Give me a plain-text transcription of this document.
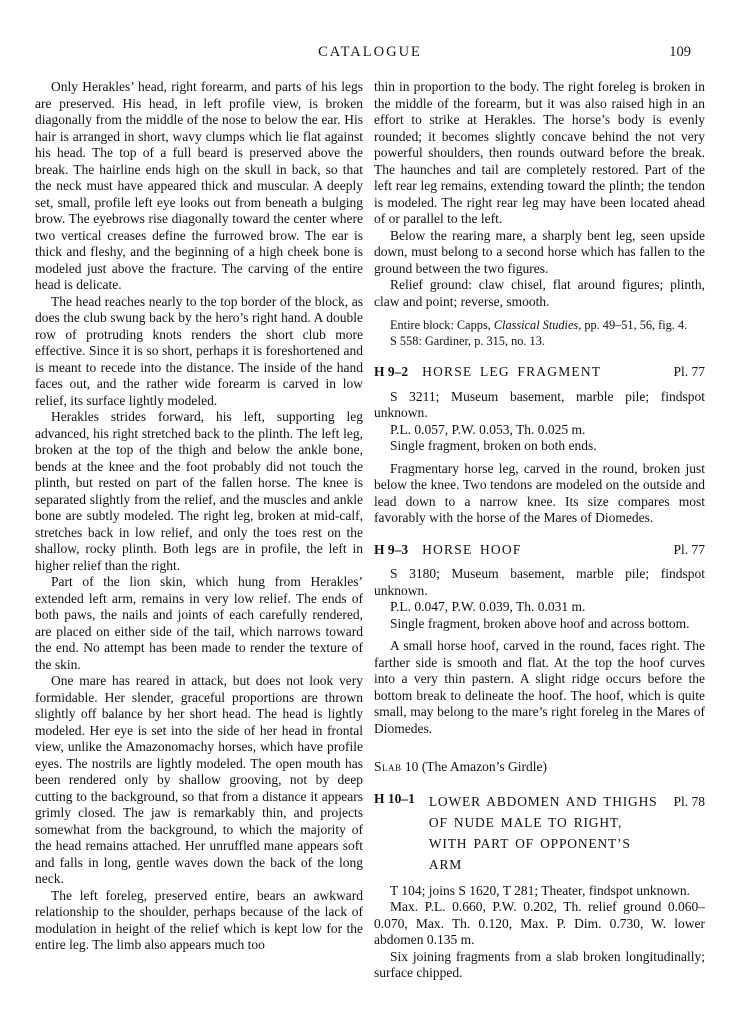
CATALOGUE	109

Only Herakles’ head, right forearm, and parts of his legs are preserved. His head, in left profile view, is broken diagonally from the middle of the nose to below the ear. His hair is arranged in short, wavy clumps which lie flat against his head. The top of a full beard is preserved above the break. The hairline ends high on the skull in back, so that the neck must have appeared thick and muscular. A deeply set, small, profile left eye looks out from beneath a bulging brow. The eyebrows rise diagonally toward the center where two vertical creases define the furrowed brow. The ear is thick and fleshy, and the beginning of a high cheek bone is modeled just above the fracture. The carving of the entire head is delicate.

The head reaches nearly to the top border of the block, as does the club swung back by the hero’s right hand. A double row of protruding knots renders the short club more effective. Since it is so short, perhaps it is foreshortened and is meant to recede into the distance. The inside of the hand faces out, and the rather wide forearm is carved in low relief, its surface lightly modeled.

Herakles strides forward, his left, supporting leg advanced, his right stretched back to the plinth. The left leg, broken at the top of the thigh and below the ankle bone, bends at the knee and the foot probably did not touch the plinth, but rested on part of the fallen horse. The knee is separated slightly from the relief, and the muscles and ankle bone are subtly modeled. The right leg, broken at mid-calf, stretches back in low relief, and only the toes rest on the shallow, rocky plinth. Both legs are in profile, the left in higher relief than the right.

Part of the lion skin, which hung from Herakles’ extended left arm, remains in very low relief. The ends of both paws, the nails and joints of each carefully rendered, are placed on either side of the tail, which narrows toward the end. No attempt has been made to render the texture of the skin.

One mare has reared in attack, but does not look very formidable. Her slender, graceful proportions are thrown slightly off balance by her short head. The head is lightly modeled. Her eye is set into the side of her head in frontal view, unlike the Amazonomachy horses, which have profile eyes. The nostrils are lightly modeled. The open mouth has been rendered only by shallow grooving, not by deep cutting to the background, so that from a distance it appears grimly closed. The jaw is remarkably thin, and projects somewhat from the background, to which the majority of the head remains attached. Her unruffled mane appears soft and falls in long, gentle waves down the back of the long neck.

The left foreleg, preserved entire, bears an awkward relationship to the shoulder, perhaps because of the lack of modulation in height of the relief which is kept low for the entire leg. The limb also appears much too

thin in proportion to the body. The right foreleg is broken in the middle of the forearm, but it was also raised high in an effort to strike at Herakles. The horse’s body is evenly rounded; it becomes slightly concave behind the not very powerful shoulders, then rounds outward before the break. The haunches and tail are completely restored. Part of the left rear leg remains, extending toward the plinth; the tendon is modeled. The right rear leg may have been located ahead of or parallel to the left.

Below the rearing mare, a sharply bent leg, seen upside down, must belong to a second horse which has fallen to the ground between the two figures.

Relief ground: claw chisel, flat around figures; plinth, claw and point; reverse, smooth.

Entire block: Capps, Classical Studies, pp. 49–51, 56, fig. 4.

S 558: Gardiner, p. 315, no. 13.

H 9–2 HORSE LEG FRAGMENT	Pl. 77

S 3211; Museum basement, marble pile; findspot unknown.

P.L. 0.057, P.W. 0.053, Th. 0.025 m.

Single fragment, broken on both ends.

Fragmentary horse leg, carved in the round, broken just below the knee. Two tendons are modeled on the outside and lead down to a narrow knee. Its size compares most favorably with the horse of the Mares of Diomedes.

H 9–3 HORSE HOOF	Pl. 77

S 3180; Museum basement, marble pile; findspot unknown.

P.L. 0.047, P.W. 0.039, Th. 0.031 m.

Single fragment, broken above hoof and across bottom.

A small horse hoof, carved in the round, faces right. The farther side is smooth and flat. At the top the hoof curves into a very thin pastern. A slight ridge occurs before the bottom break to delineate the hoof. The hoof, which is quite small, may belong to the mare’s right foreleg in the Mares of Diomedes.

Slab 10 (The Amazon’s Girdle)
H 10–1 LOWER ABDOMEN AND THIGHS	Pl. 78
OF NUDE MALE TO RIGHT,
WITH PART OF OPPONENT’S
ARM

T 104; joins S 1620, T 281; Theater, findspot unknown.

Max. P.L. 0.660, P.W. 0.202, Th. relief ground 0.060–0.070, Max. Th. 0.120, Max. P. Dim. 0.730, W. lower abdomen 0.135 m.

Six joining fragments from a slab broken longitudinally; surface chipped.
